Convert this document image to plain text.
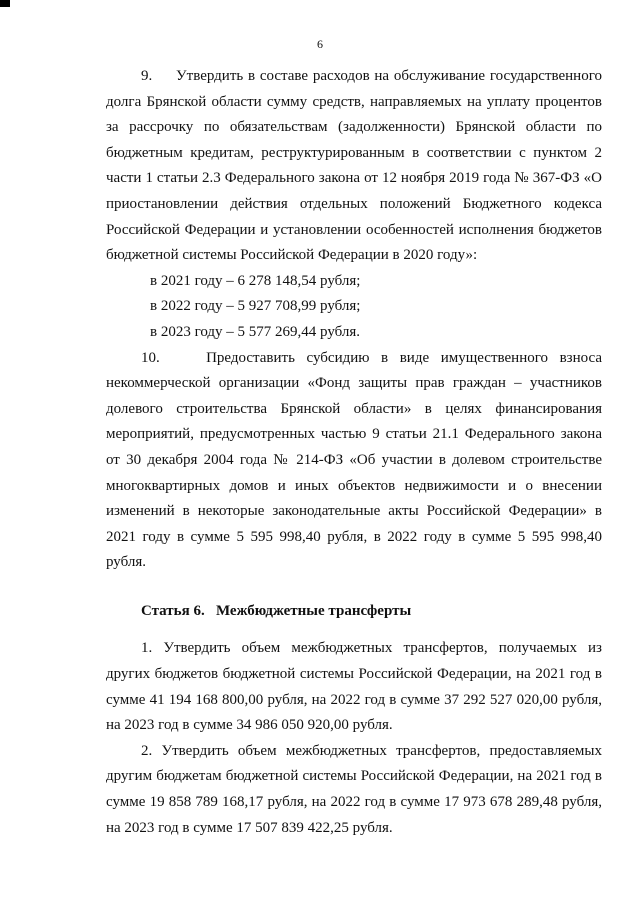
6

9.     Утвердить в составе расходов на обслуживание государственного долга Брянской области сумму средств, направляемых на уплату процентов за рассрочку по обязательствам (задолженности) Брянской области по бюджетным кредитам, реструктурированным в соответствии с пунктом 2 части 1 статьи 2.3 Федерального закона от 12 ноября 2019 года № 367-ФЗ «О приостановлении действия отдельных положений Бюджетного кодекса Российской Федерации и установлении особенностей исполнения бюджетов бюджетной системы Российской Федерации в 2020 году»:

в 2021 году – 6 278 148,54 рубля;

в 2022 году – 5 927 708,99 рубля;

в 2023 году – 5 577 269,44 рубля.

10.    Предоставить субсидию в виде имущественного взноса некоммерческой организации «Фонд защиты прав граждан – участников долевого строительства Брянской области» в целях финансирования мероприятий, предусмотренных частью 9 статьи 21.1 Федерального закона от 30 декабря 2004 года № 214-ФЗ «Об участии в долевом строительстве многоквартирных домов и иных объектов недвижимости и о внесении изменений в некоторые законодательные акты Российской Федерации» в 2021 году в сумме 5 595 998,40 рубля, в 2022 году в сумме 5 595 998,40 рубля.

Статья 6.   Межбюджетные трансферты

1. Утвердить объем межбюджетных трансфертов, получаемых из других бюджетов бюджетной системы Российской Федерации, на 2021 год в сумме 41 194 168 800,00 рубля, на 2022 год в сумме 37 292 527 020,00 рубля, на 2023 год в сумме 34 986 050 920,00 рубля.

2. Утвердить объем межбюджетных трансфертов, предоставляемых другим бюджетам бюджетной системы Российской Федерации, на 2021 год в сумме 19 858 789 168,17 рубля, на 2022 год в сумме 17 973 678 289,48 рубля, на 2023 год в сумме 17 507 839 422,25 рубля.
